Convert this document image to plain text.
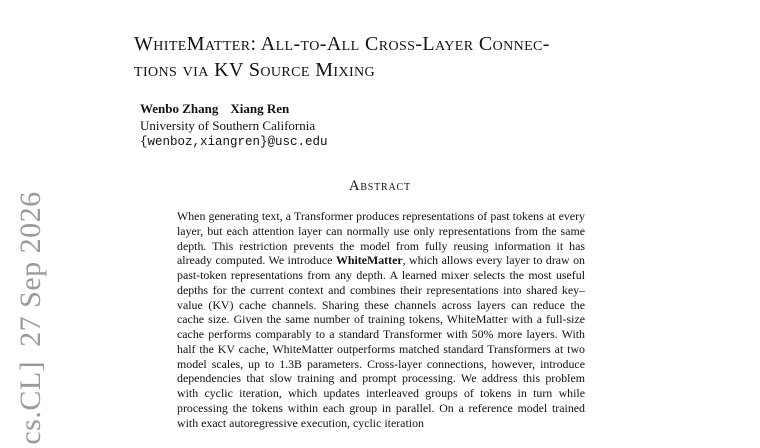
cs.CL]
27 Sep 2026
WhiteMatter: All-to-All Cross-Layer Connec-
tions via KV Source Mixing
Wenbo Zhang Xiang Ren
University of Southern California
{wenboz,xiangren}@usc.edu
Abstract

When generating text, a Transformer produces representations of past tokens at every layer, but each attention layer can normally use only representations from the same depth. This restriction prevents the model from fully reusing information it has already computed. We introduce WhiteMatter, which allows every layer to draw on past-token representations from any depth. A learned mixer selects the most useful depths for the current context and combines their representations into shared key–value (KV) cache channels. Sharing these channels across layers can reduce the cache size. Given the same number of training tokens, WhiteMatter with a full-size cache performs comparably to a standard Transformer with 50% more layers. With half the KV cache, WhiteMatter outperforms matched standard Transformers at two model scales, up to 1.3B parameters. Cross-layer connections, however, introduce dependencies that slow training and prompt processing. We address this problem with cyclic iteration, which updates interleaved groups of tokens in turn while processing the tokens within each group in parallel. On a reference model trained with exact autoregressive execution, cyclic iteration
